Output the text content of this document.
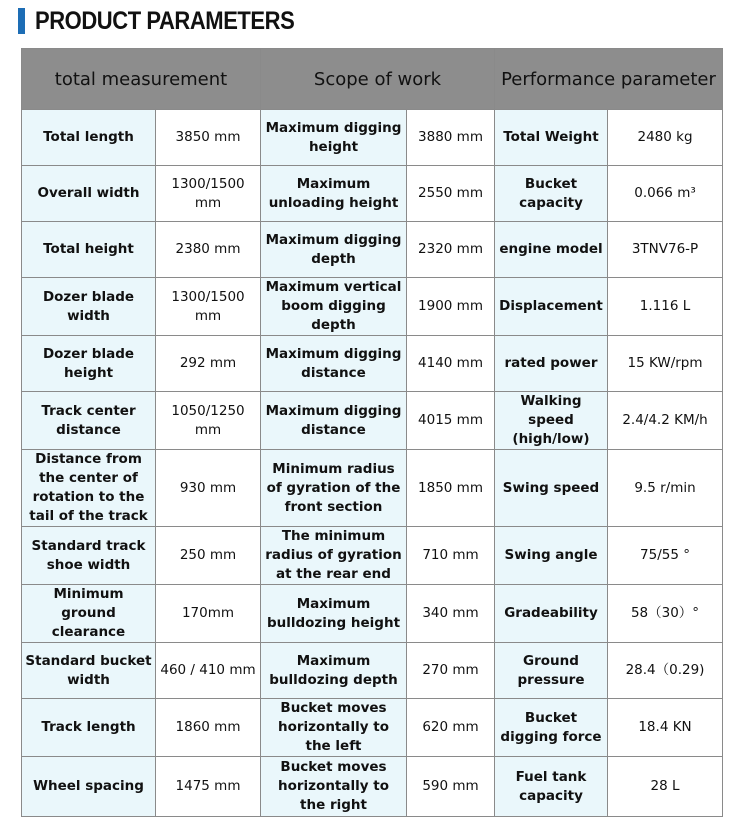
PRODUCT PARAMETERS
total measurement		Scope of work		Performance parameter	
Total length	3850 mm	Maximum digging height	3880 mm	Total Weight	2480 kg
Overall width	1300/1500 mm	Maximum unloading height	2550 mm	Bucket capacity	0.066 m³
Total height	2380 mm	Maximum digging depth	2320 mm	engine model	3TNV76-P
Dozer blade width	1300/1500 mm	Maximum vertical boom digging depth	1900 mm	Displacement	1.116 L
Dozer blade height	292 mm	Maximum digging distance	4140 mm	rated power	15 KW/rpm
Track center distance	1050/1250 mm	Maximum digging distance	4015 mm	Walking speed (high/low)	2.4/4.2 KM/h
Distance from the center of rotation to the tail of the track	930 mm	Minimum radius of gyration of the front section	1850 mm	Swing speed	9.5 r/min
Standard track shoe width	250 mm	The minimum radius of gyration at the rear end	710 mm	Swing angle	75/55 °
Minimum ground clearance	170mm	Maximum bulldozing height	340 mm	Gradeability	58（30）°
Standard bucket width	460 / 410 mm	Maximum bulldozing depth	270 mm	Ground pressure	28.4（0.29)
Track length	1860 mm	Bucket moves horizontally to the left	620 mm	Bucket digging force	18.4 KN
Wheel spacing	1475 mm	Bucket moves horizontally to the right	590 mm	Fuel tank capacity	28 L
